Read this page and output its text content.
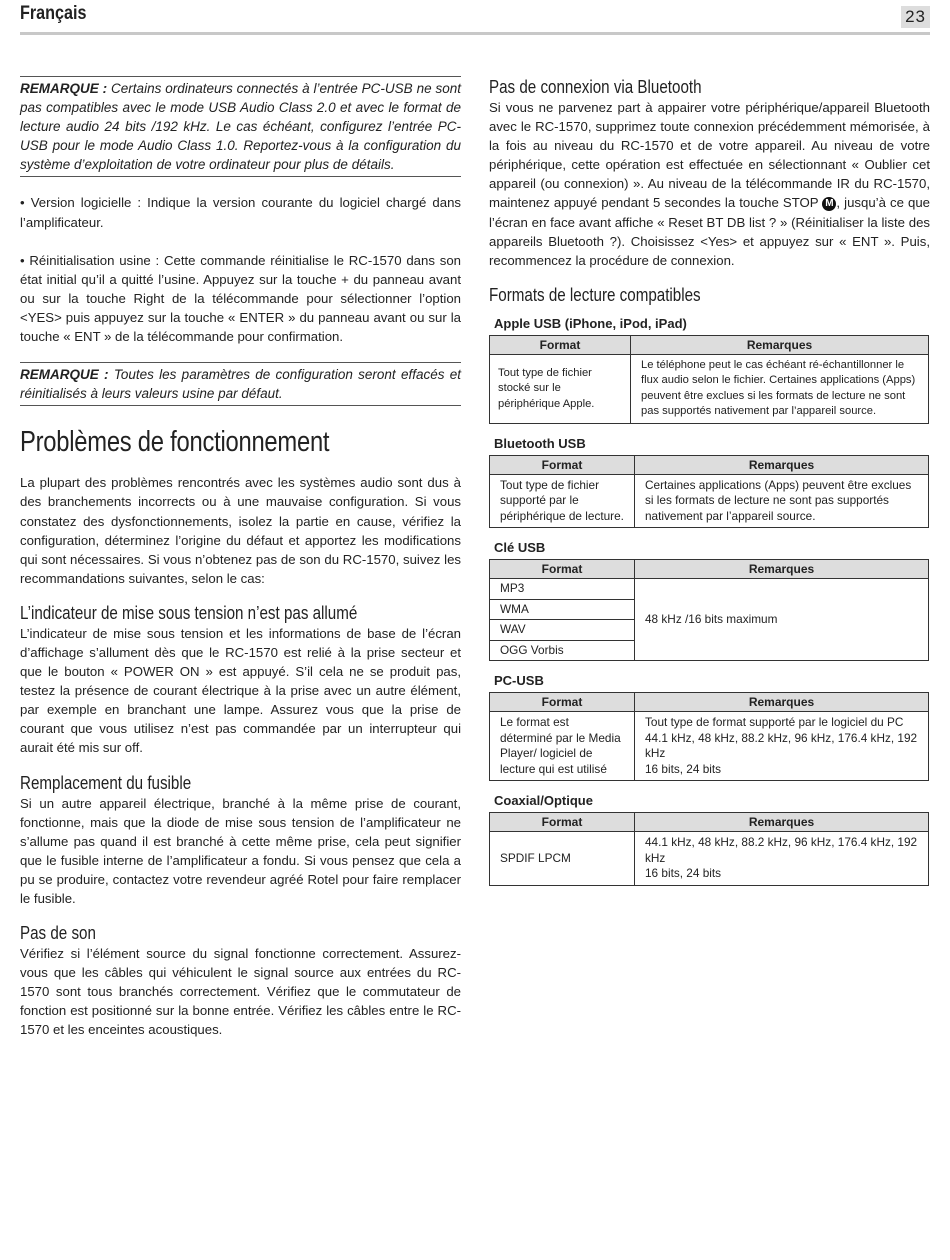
Français	23
REMARQUE : Certains ordinateurs connectés à l’entrée PC-USB ne sont pas compatibles avec le mode USB Audio Class 2.0 et avec le format de lecture audio 24 bits /192 kHz. Le cas échéant, configurez l’entrée PC-USB pour le mode Audio Class 1.0. Reportez-vous à la configuration du système d’exploitation de votre ordinateur pour plus de détails.

• Version logicielle : Indique la version courante du logiciel chargé dans l’amplificateur.

• Réinitialisation usine : Cette commande réinitialise le RC-1570 dans son état initial qu’il a quitté l’usine. Appuyez sur la touche + du panneau avant ou sur la touche Right de la télécommande pour sélectionner l’option <YES> puis appuyez sur la touche « ENTER » du panneau avant ou sur la touche « ENT » de la télécommande pour confirmation.

REMARQUE : Toutes les paramètres de configuration seront effacés et réinitialisés à leurs valeurs usine par défaut.
Problèmes de fonctionnement

La plupart des problèmes rencontrés avec les systèmes audio sont dus à des branchements incorrects ou à une mauvaise configuration. Si vous constatez des dysfonctionnements, isolez la partie en cause, vérifiez la configuration, déterminez l’origine du défaut et apportez les modifications qui sont nécessaires. Si vous n’obtenez pas de son du RC-1570, suivez les recommandations suivantes, selon le cas:

L’indicateur de mise sous tension n’est pas allumé

L’indicateur de mise sous tension et les informations de base de l’écran d’affichage s’allument dès que le RC-1570 est relié à la prise secteur et que le bouton « POWER ON » est appuyé. S’il cela ne se produit pas, testez la présence de courant électrique à la prise avec un autre élément, par exemple en branchant une lampe. Assurez vous que la prise de courant que vous utilisez n’est pas commandée par un interrupteur qui aurait été mis sur off.

Remplacement du fusible

Si un autre appareil électrique, branché à la même prise de courant, fonctionne, mais que la diode de mise sous tension de l’amplificateur ne s’allume pas quand il est branché à cette même prise, cela peut signifier que le fusible interne de l’amplificateur a fondu. Si vous pensez que cela a pu se produire, contactez votre revendeur agréé Rotel pour faire remplacer le fusible.

Pas de son

Vérifiez si l’élément source du signal fonctionne correctement. Assurez-vous que les câbles qui véhiculent le signal source aux entrées du RC-1570 sont tous branchés correctement. Vérifiez que le commutateur de fonction est positionné sur la bonne entrée. Vérifiez les câbles entre le RC-1570 et les enceintes acoustiques.

Pas de connexion via Bluetooth

Si vous ne parvenez part à appairer votre périphérique/appareil Bluetooth avec le RC-1570, supprimez toute connexion précédemment mémorisée, à la fois au niveau du RC-1570 et de votre appareil. Au niveau de votre périphérique, cette opération est effectuée en sélectionnant « Oublier cet appareil (ou connexion) ». Au niveau de la télécommande IR du RC-1570, maintenez appuyé pendant 5 secondes la touche STOP M , jusqu’à ce que l’écran en face avant affiche « Reset BT DB list ? » (Réinitialiser la liste des appareils Bluetooth ?). Choisissez <Yes> et appuyez sur « ENT ». Puis, recommencez la procédure de connexion.

Formats de lecture compatibles
Apple USB (iPhone, iPod, iPad)
Format	Remarques
Tout type de fichier stocké sur le périphérique Apple.	Le téléphone peut le cas échéant ré-échantillonner le flux audio selon le fichier. Certaines applications (Apps) peuvent être exclues si les formats de lecture ne sont pas supportés nativement par l’appareil source.
Bluetooth USB
Format	Remarques
Tout type de fichier supporté par le périphérique de lecture.	Certaines applications (Apps) peuvent être exclues si les formats de lecture ne sont pas supportés nativement par l’appareil source.
Clé USB
Format	Remarques
MP3	48 kHz /16 bits maximum
WMA	
WAV	
OGG Vorbis	
PC-USB
Format	Remarques
Le format est déterminé par le Media Player/ logiciel de lecture qui est utilisé	Tout type de format supporté par le logiciel du PC
44.1 kHz, 48 kHz, 88.2 kHz, 96 kHz, 176.4 kHz, 192 kHz
16 bits, 24 bits
Coaxial/Optique
Format	Remarques
SPDIF LPCM	44.1 kHz, 48 kHz, 88.2 kHz, 96 kHz, 176.4 kHz, 192 kHz
16 bits, 24 bits
